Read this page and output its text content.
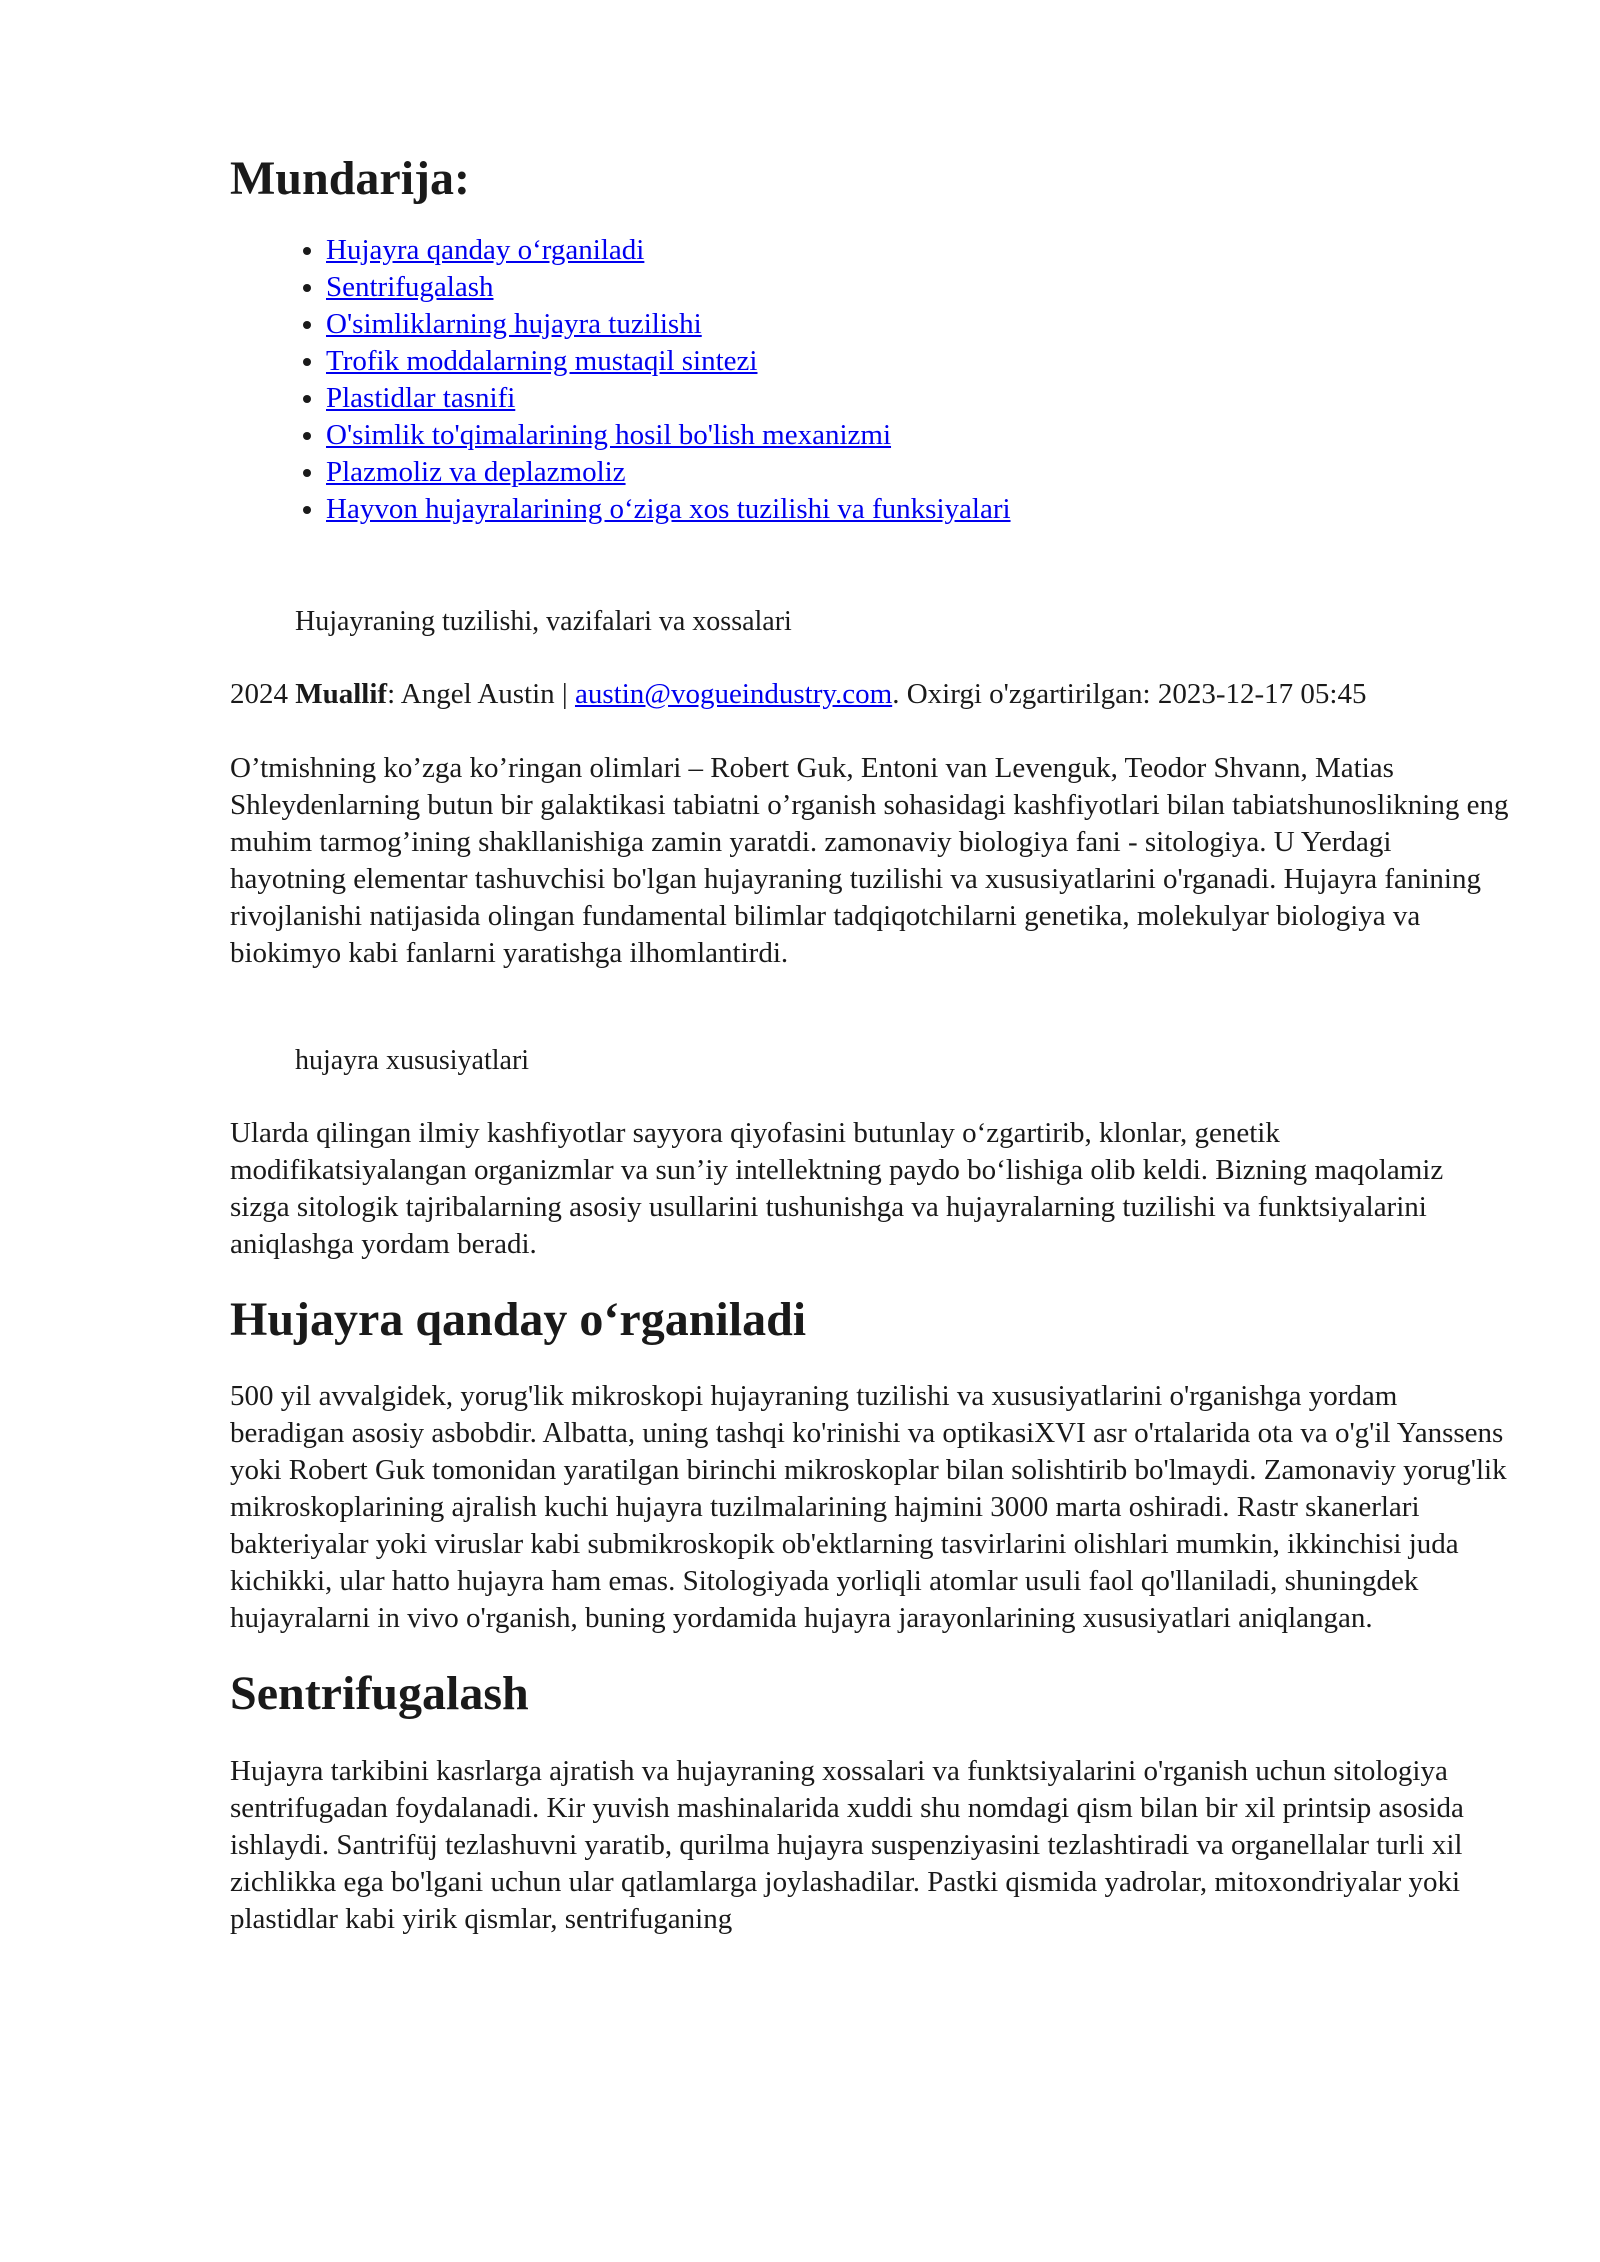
Mundarija:
• Hujayra qanday o‘rganiladi
• Sentrifugalash
• O'simliklarning hujayra tuzilishi
• Trofik moddalarning mustaqil sintezi
• Plastidlar tasnifi
• O'simlik to'qimalarining hosil bo'lish mexanizmi
• Plazmoliz va deplazmoliz
• Hayvon hujayralarining o‘ziga xos tuzilishi va funksiyalari
Hujayraning tuzilishi, vazifalari va xossalari

2024 Muallif: Angel Austin | austin@vogueindustry.com. Oxirgi o'zgartirilgan: 2023-12-17 05:45

O’tmishning ko’zga ko’ringan olimlari – Robert Guk, Entoni van Levenguk, Teodor Shvann, Matias Shleydenlarning butun bir galaktikasi tabiatni o’rganish sohasidagi kashfiyotlari bilan tabiatshunoslikning eng muhim tarmog’ining shakllanishiga zamin yaratdi. zamonaviy biologiya fani - sitologiya. U Yerdagi hayotning elementar tashuvchisi bo'lgan hujayraning tuzilishi va xususiyatlarini o'rganadi. Hujayra fanining rivojlanishi natijasida olingan fundamental bilimlar tadqiqotchilarni genetika, molekulyar biologiya va biokimyo kabi fanlarni yaratishga ilhomlantirdi.

hujayra xususiyatlari

Ularda qilingan ilmiy kashfiyotlar sayyora qiyofasini butunlay o‘zgartirib, klonlar, genetik modifikatsiyalangan organizmlar va sun’iy intellektning paydo bo‘lishiga olib keldi. Bizning maqolamiz sizga sitologik tajribalarning asosiy usullarini tushunishga va hujayralarning tuzilishi va funktsiyalarini aniqlashga yordam beradi.

Hujayra qanday o‘rganiladi

500 yil avvalgidek, yorug'lik mikroskopi hujayraning tuzilishi va xususiyatlarini o'rganishga yordam beradigan asosiy asbobdir. Albatta, uning tashqi ko'rinishi va optikasiXVI asr o'rtalarida ota va o'g'il Yanssens yoki Robert Guk tomonidan yaratilgan birinchi mikroskoplar bilan solishtirib bo'lmaydi. Zamonaviy yorug'lik mikroskoplarining ajralish kuchi hujayra tuzilmalarining hajmini 3000 marta oshiradi. Rastr skanerlari bakteriyalar yoki viruslar kabi submikroskopik ob'ektlarning tasvirlarini olishlari mumkin, ikkinchisi juda kichikki, ular hatto hujayra ham emas. Sitologiyada yorliqli atomlar usuli faol qo'llaniladi, shuningdek hujayralarni in vivo o'rganish, buning yordamida hujayra jarayonlarining xususiyatlari aniqlangan.

Sentrifugalash

Hujayra tarkibini kasrlarga ajratish va hujayraning xossalari va funktsiyalarini o'rganish uchun sitologiya sentrifugadan foydalanadi. Kir yuvish mashinalarida xuddi shu nomdagi qism bilan bir xil printsip asosida ishlaydi. Santrifüj tezlashuvni yaratib, qurilma hujayra suspenziyasini tezlashtiradi va organellalar turli xil zichlikka ega bo'lgani uchun ular qatlamlarga joylashadilar. Pastki qismida yadrolar, mitoxondriyalar yoki plastidlar kabi yirik qismlar, sentrifuganing
